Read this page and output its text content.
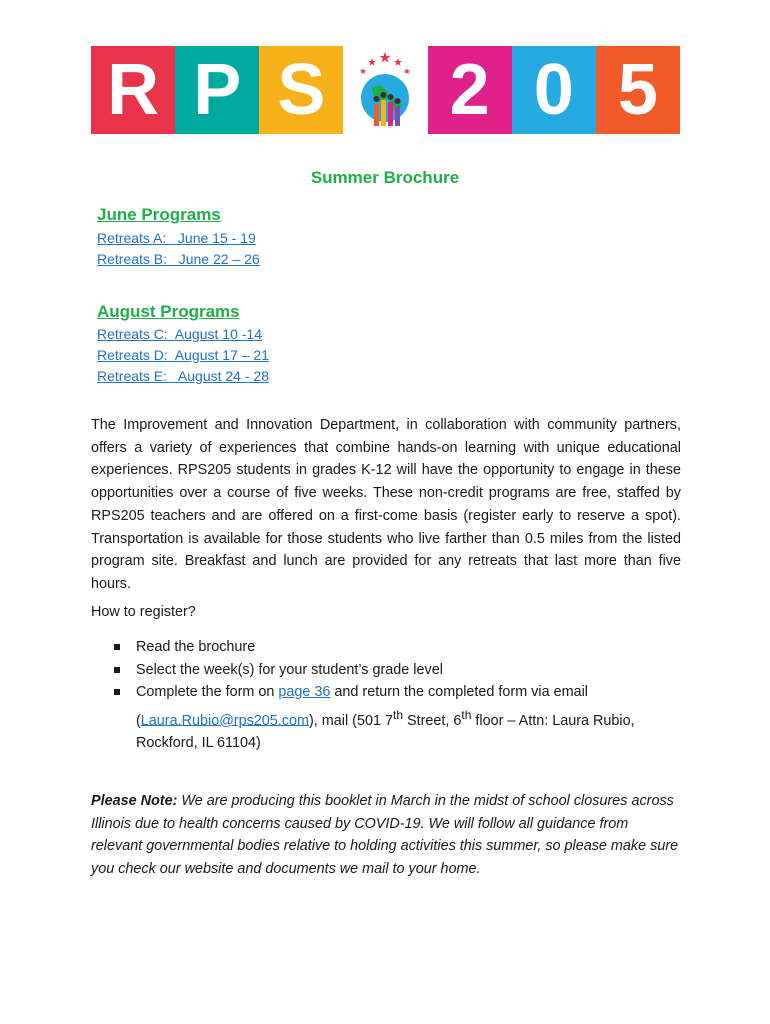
R P S	2 0 5
Summer Brochure
June Programs
Retreats A:   June 15 - 19
Retreats B:   June 22 – 26
August Programs
Retreats C:  August 10 -14
Retreats D:  August 17 – 21
Retreats E:   August 24 - 28

The Improvement and Innovation Department, in collaboration with community partners, offers a variety of experiences that combine hands-on learning with unique educational experiences. RPS205 students in grades K-12 will have the opportunity to engage in these opportunities over a course of five weeks. These non-credit programs are free, staffed by RPS205 teachers and are offered on a first-come basis (register early to reserve a spot). Transportation is available for those students who live farther than 0.5 miles from the listed program site. Breakfast and lunch are provided for any retreats that last more than five hours.

How to register?

Read the brochure
Select the week(s) for your student’s grade level
Complete the form on page 36 and return the completed form via email (Laura.Rubio@rps205.com), mail (501 7th Street, 6th floor – Attn: Laura Rubio, Rockford, IL 61104)

Please Note: We are producing this booklet in March in the midst of school closures across Illinois due to health concerns caused by COVID-19. We will follow all guidance from relevant governmental bodies relative to holding activities this summer, so please make sure you check our website and documents we mail to your home.
